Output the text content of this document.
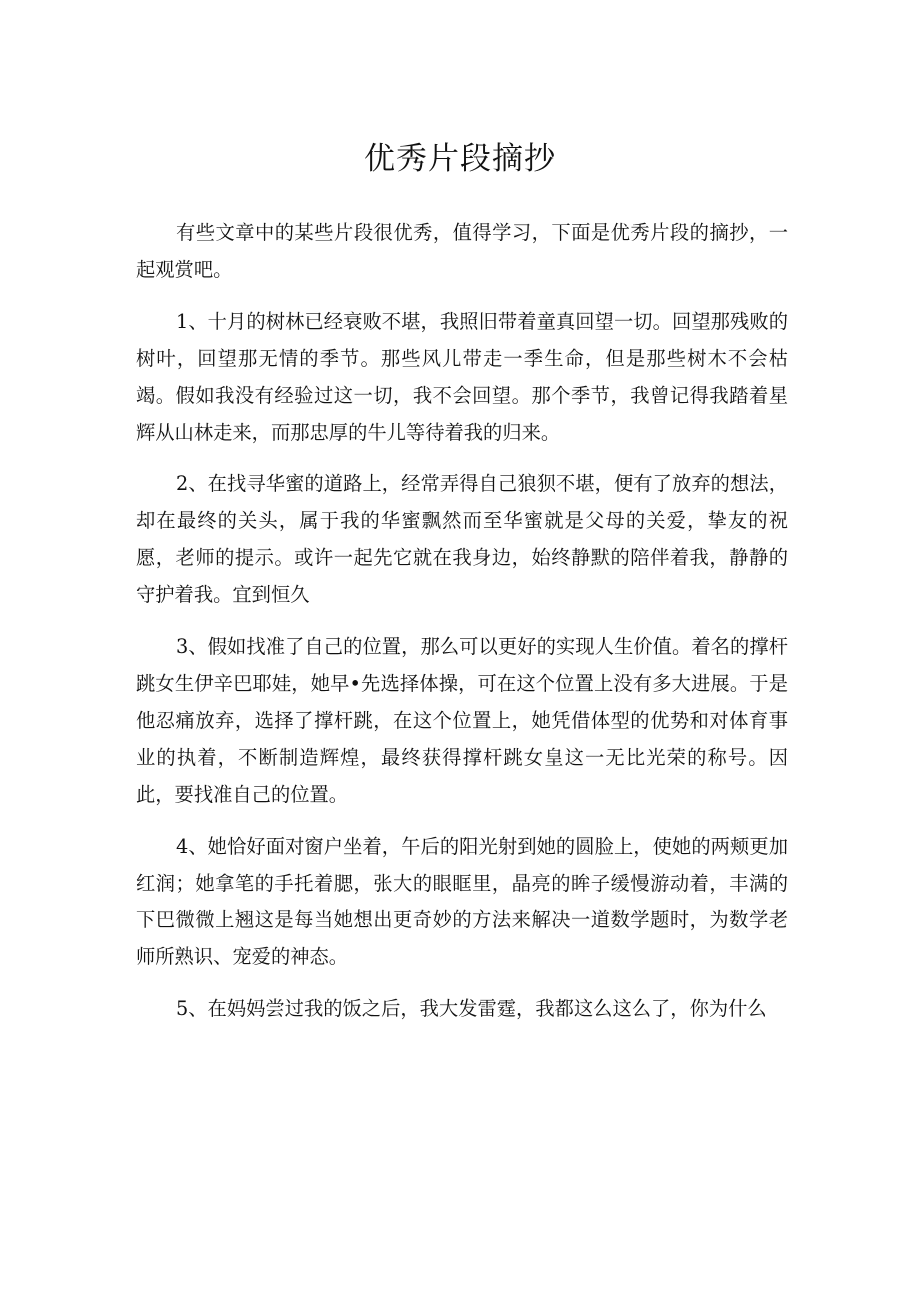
优秀片段摘抄

有些文章中的某些片段很优秀，值得学习，下面是优秀片段的摘抄，一起观赏吧。

1、十月的树林已经衰败不堪，我照旧带着童真回望一切。回望那残败的树叶，回望那无情的季节。那些风儿带走一季生命，但是那些树木不会枯竭。假如我没有经验过这一切，我不会回望。那个季节，我曾记得我踏着星辉从山林走来，而那忠厚的牛儿等待着我的归来。

2、在找寻华蜜的道路上，经常弄得自己狼狈不堪，便有了放弃的想法，却在最终的关头，属于我的华蜜飘然而至华蜜就是父母的关爱，挚友的祝愿，老师的提示。或许一起先它就在我身边，始终静默的陪伴着我，静静的守护着我。宜到恒久

3、假如找准了自己的位置，那么可以更好的实现人生价值。着名的撑杆跳女生伊辛巴耶娃，她早•先选择体操，可在这个位置上没有多大进展。于是他忍痛放弃，选择了撑杆跳，在这个位置上，她凭借体型的优势和对体育事业的执着，不断制造辉煌，最终获得撑杆跳女皇这一无比光荣的称号。因此，要找准自己的位置。

4、她恰好面对窗户坐着，午后的阳光射到她的圆脸上，使她的两颊更加红润；她拿笔的手托着腮，张大的眼眶里，晶亮的眸子缓慢游动着，丰满的下巴微微上翘这是每当她想出更奇妙的方法来解决一道数学题时，为数学老师所熟识、宠爱的神态。

5、在妈妈尝过我的饭之后，我大发雷霆，我都这么这么了，你为什么
